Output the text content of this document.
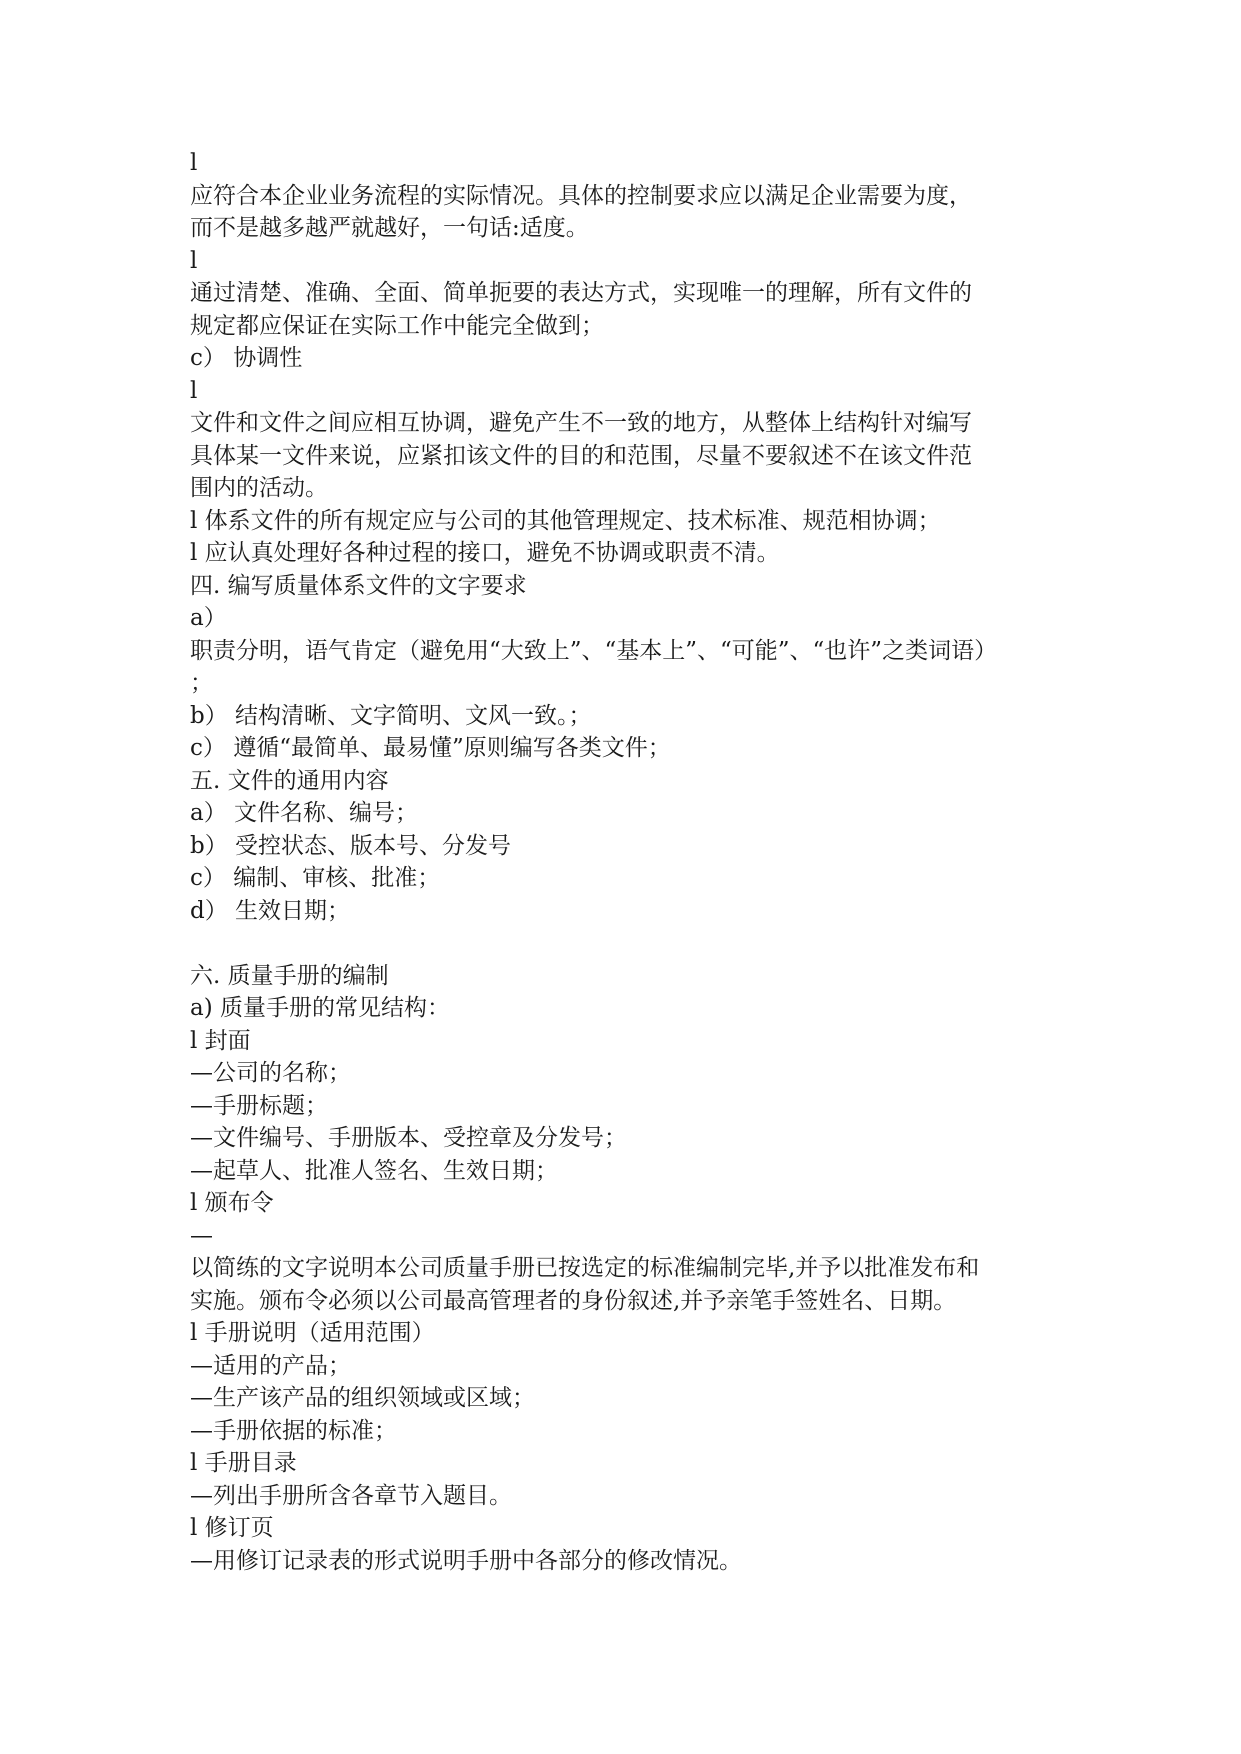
l
应符合本企业业务流程的实际情况。具体的控制要求应以满足企业需要为度，
而不是越多越严就越好，一句话:适度。
l
通过清楚、准确、全面、简单扼要的表达方式，实现唯一的理解，所有文件的
规定都应保证在实际工作中能完全做到；
c） 协调性
l
文件和文件之间应相互协调，避免产生不一致的地方，从整体上结构针对编写
具体某一文件来说，应紧扣该文件的目的和范围，尽量不要叙述不在该文件范
围内的活动。
l 体系文件的所有规定应与公司的其他管理规定、技术标准、规范相协调；
l 应认真处理好各种过程的接口，避免不协调或职责不清。
四. 编写质量体系文件的文字要求
a）
职责分明，语气肯定（避免用“大致上”、“基本上”、“可能”、“也许”之类词语）
；
b） 结构清晰、文字简明、文风一致。；
c） 遵循“最简单、最易懂”原则编写各类文件；
五. 文件的通用内容
a） 文件名称、编号；
b） 受控状态、版本号、分发号
c） 编制、审核、批准；
d） 生效日期；
六. 质量手册的编制
a) 质量手册的常见结构：
l 封面
—公司的名称；
—手册标题；
—文件编号、手册版本、受控章及分发号；
—起草人、批准人签名、生效日期；
l 颁布令
—
以简练的文字说明本公司质量手册已按选定的标准编制完毕,并予以批准发布和
实施。颁布令必须以公司最高管理者的身份叙述,并予亲笔手签姓名、日期。
l 手册说明（适用范围）
—适用的产品；
—生产该产品的组织领域或区域；
—手册依据的标准；
l 手册目录
—列出手册所含各章节入题目。
l 修订页
—用修订记录表的形式说明手册中各部分的修改情况。
